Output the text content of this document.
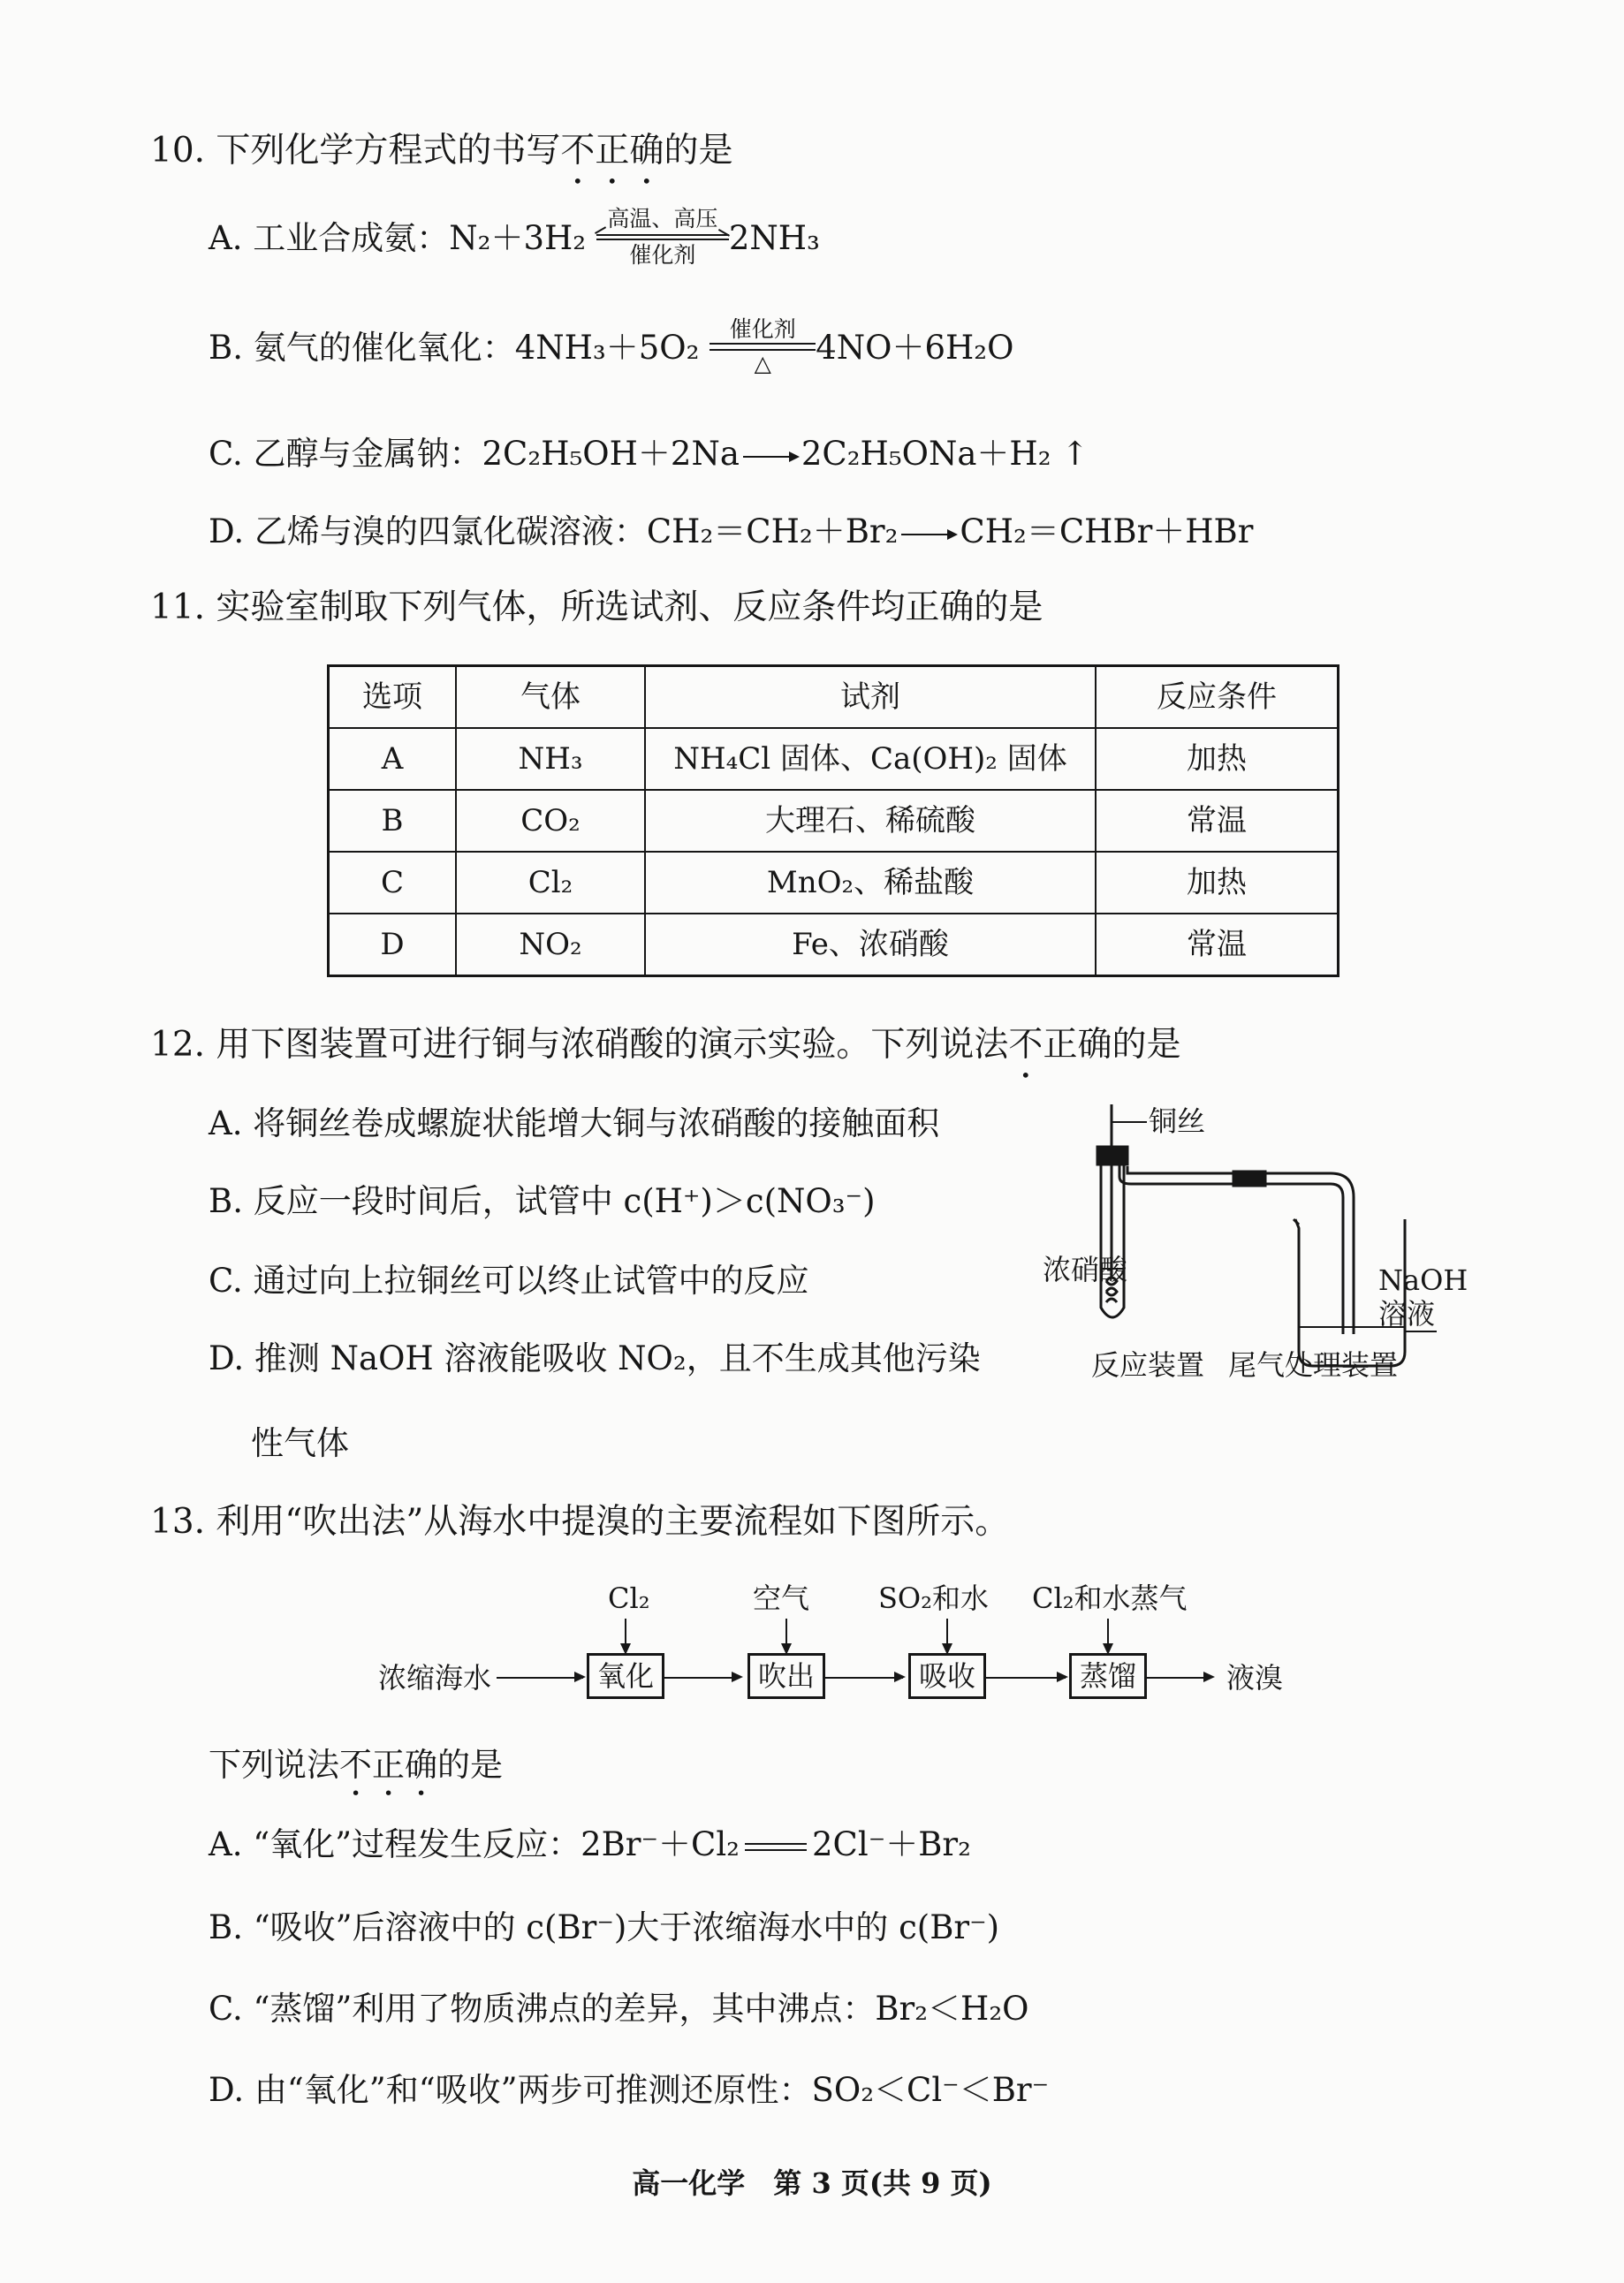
10. 下列化学方程式的书写不正确的是
A. 工业合成氨：N₂＋3H₂
高温、高压
催化剂	2NH₃
B. 氨气的催化氧化：4NH₃＋5O₂	催化剂
△	4NO＋6H₂O
C. 乙醇与金属钠：2C₂H₅OH＋2Na 2C₂H₅ONa＋H₂ ↑
D. 乙烯与溴的四氯化碳溶液：CH₂＝CH₂＋Br₂ CH₂＝CHBr＋HBr
11. 实验室制取下列气体，所选试剂、反应条件均正确的是
选项	气体	试剂	反应条件
A	NH₃	NH₄Cl 固体、Ca(OH)₂ 固体	加热
B	CO₂	大理石、稀硫酸	常温
C	Cl₂	MnO₂、稀盐酸	加热
D	NO₂	Fe、浓硝酸	常温
12. 用下图装置可进行铜与浓硝酸的演示实验。下列说法不正确的是
A. 将铜丝卷成螺旋状能增大铜与浓硝酸的接触面积
B. 反应一段时间后，试管中 c(H⁺)＞c(NO₃⁻)
C. 通过向上拉铜丝可以终止试管中的反应
D. 推测 NaOH 溶液能吸收 NO₂，且不生成其他污染
性气体
铜丝
浓硝酸	NaOH
溶液
反应装置 尾气处理装置
13. 利用“吹出法”从海水中提溴的主要流程如下图所示。
浓缩海水	氧化	吹出	吸收	蒸馏	液溴
Cl₂	空气 SO₂和水 Cl₂和水蒸气
下列说法不正确的是
A. “氧化”过程发生反应：2Br⁻＋Cl₂ 2Cl⁻＋Br₂
B. “吸收”后溶液中的 c(Br⁻)大于浓缩海水中的 c(Br⁻)
C. “蒸馏”利用了物质沸点的差异，其中沸点：Br₂＜H₂O
D. 由“氧化”和“吸收”两步可推测还原性：SO₂＜Cl⁻＜Br⁻
高一化学　第 3 页(共 9 页)
